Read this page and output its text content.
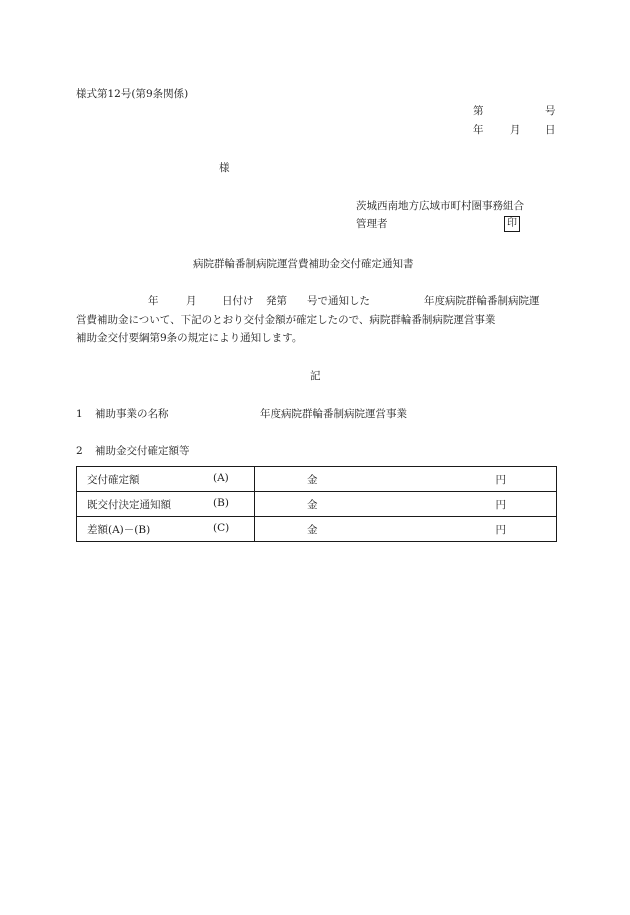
様式第12号(第9条関係)
第	号
年	月 日
様
茨城西南地方広域市町村圏事務組合
管理者	印
病院群輪番制病院運営費補助金交付確定通知書
年	月 日付け 発第 号で通知した	年度病院群輪番制病院運
営費補助金について、下記のとおり交付金額が確定したので、病院群輪番制病院運営事業
補助金交付要綱第9条の規定により通知します。
記
1 補助事業の名称	年度病院群輪番制病院運営事業
2 補助金交付確定額等
交付確定額 (A)	金 円

既交付決定通知額 (B)	金 円

差額(A)－(B) (C)	金 円
